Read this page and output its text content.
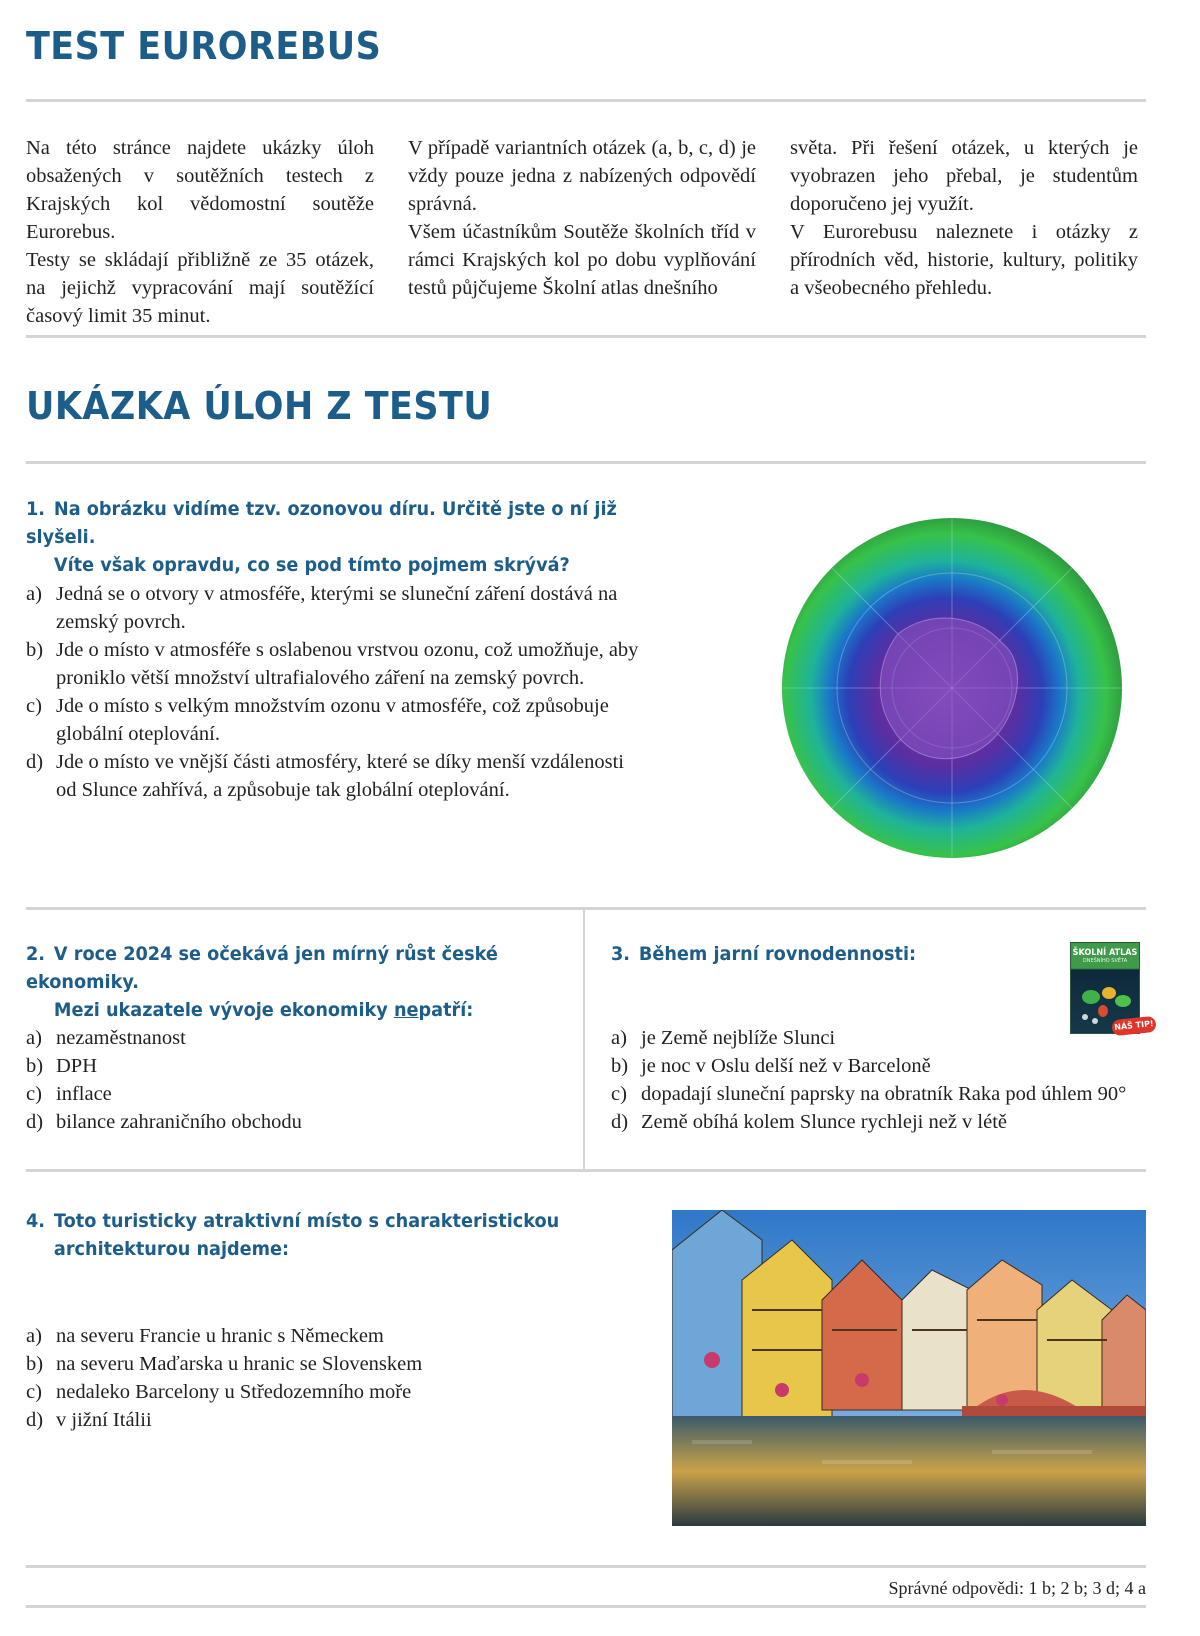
TEST EUROREBUS

Na této stránce najdete ukázky úloh obsažených v soutěžních testech z Krajských kol vědomostní soutěže Eurorebus.

Testy se skládají přibližně ze 35 otázek, na jejichž vypracování mají soutěžící časový limit 35 minut.

V případě variantních otázek (a, b, c, d) je vždy pouze jedna z nabízených odpovědí správná.

Všem účastníkům Soutěže školních tříd v rámci Krajských kol po dobu vyplňování testů půjčujeme Školní atlas dnešního

světa. Při řešení otázek, u kterých je vyobrazen jeho přebal, je studentům doporučeno jej využít.

V Eurorebusu naleznete i otázky z přírodních věd, historie, kultury, politiky a všeobecného přehledu.

UKÁZKA ÚLOH Z TESTU
1. Na obrázku vidíme tzv. ozonovou díru. Určitě jste o ní již slyšeli.
Víte však opravdu, co se pod tímto pojmem skrývá?
a) Jedná se o otvory v atmosféře, kterými se sluneční záření dostává na zemský povrch.
b) Jde o místo v atmosféře s oslabenou vrstvou ozonu, což umožňuje, aby proniklo větší množství ultrafialového záření na zemský povrch.
c) Jde o místo s velkým množstvím ozonu v atmosféře, což způsobuje globální oteplování.
d) Jde o místo ve vnější části atmosféry, které se díky menší vzdálenosti od Slunce zahřívá, a způsobuje tak globální oteplování.
2. V roce 2024 se očekává jen mírný růst české ekonomiky.
Mezi ukazatele vývoje ekonomiky nepatří:
a) nezaměstnanost
b) DPH
c) inflace
d) bilance zahraničního obchodu
3. Během jarní rovnodennosti:	ŠKOLNÍ ATLAS
DNEŠNÍHO SVĚTA
NÁŠ TIP!
a) je Země nejblíže Slunci
b) je noc v Oslu delší než v Barceloně
c) dopadají sluneční paprsky na obratník Raka pod úhlem 90°
d) Země obíhá kolem Slunce rychleji než v létě
4. Toto turisticky atraktivní místo s charakteristickou
architekturou najdeme:
a) na severu Francie u hranic s Německem
b) na severu Maďarska u hranic se Slovenskem
c) nedaleko Barcelony u Středozemního moře
d) v jižní Itálii
Správné odpovědi: 1 b; 2 b; 3 d; 4 a
